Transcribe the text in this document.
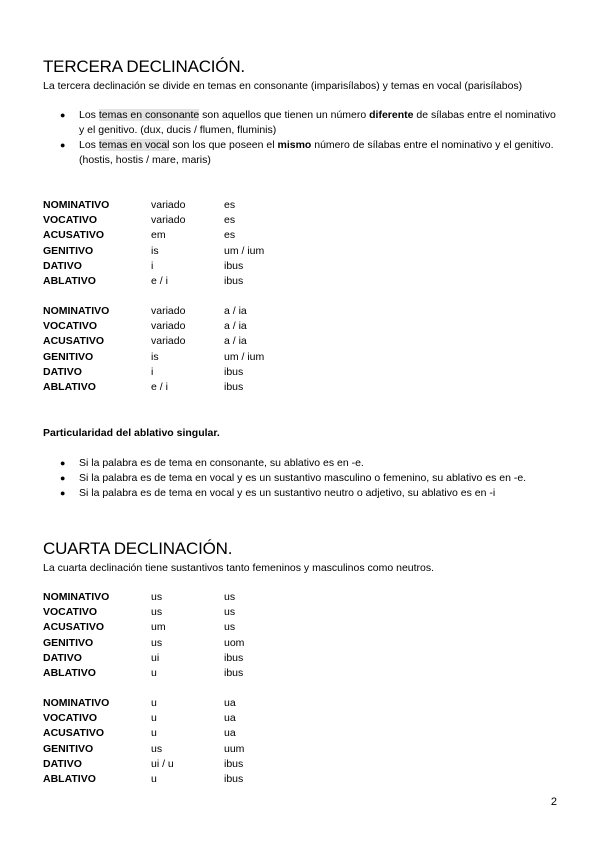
TERCERA DECLINACIÓN.
La tercera declinación se divide en temas en consonante (imparisílabos) y temas en vocal (parisílabos)

● Los temas en consonante son aquellos que tienen un número diferente de sílabas entre el nominativo y el genitivo. (dux, ducis / flumen, fluminis)

● Los temas en vocal son los que poseen el mismo número de sílabas entre el nominativo y el genitivo. (hostis, hostis / mare, maris)

NOMINATIVO	variado	es
VOCATIVO	variado	es
ACUSATIVO	em	es
GENITIVO	is	um / ium
DATIVO	i	ibus
ABLATIVO	e / i	ibus
NOMINATIVO	variado	a / ia
VOCATIVO	variado	a / ia
ACUSATIVO	variado	a / ia
GENITIVO	is	um / ium
DATIVO	i	ibus
ABLATIVO	e / i	ibus
Particularidad del ablativo singular.

● Si la palabra es de tema en consonante, su ablativo es en -e.

● Si la palabra es de tema en vocal y es un sustantivo masculino o femenino, su ablativo es en -e.

● Si la palabra es de tema en vocal y es un sustantivo neutro o adjetivo, su ablativo es en -i

CUARTA DECLINACIÓN.
La cuarta declinación tiene sustantivos tanto femeninos y masculinos como neutros.
NOMINATIVO	us	us
VOCATIVO	us	us
ACUSATIVO	um	us
GENITIVO	us	uom
DATIVO	ui	ibus
ABLATIVO	u	ibus
NOMINATIVO	u	ua
VOCATIVO	u	ua
ACUSATIVO	u	ua
GENITIVO	us	uum
DATIVO	ui / u	ibus
ABLATIVO	u	ibus
2
